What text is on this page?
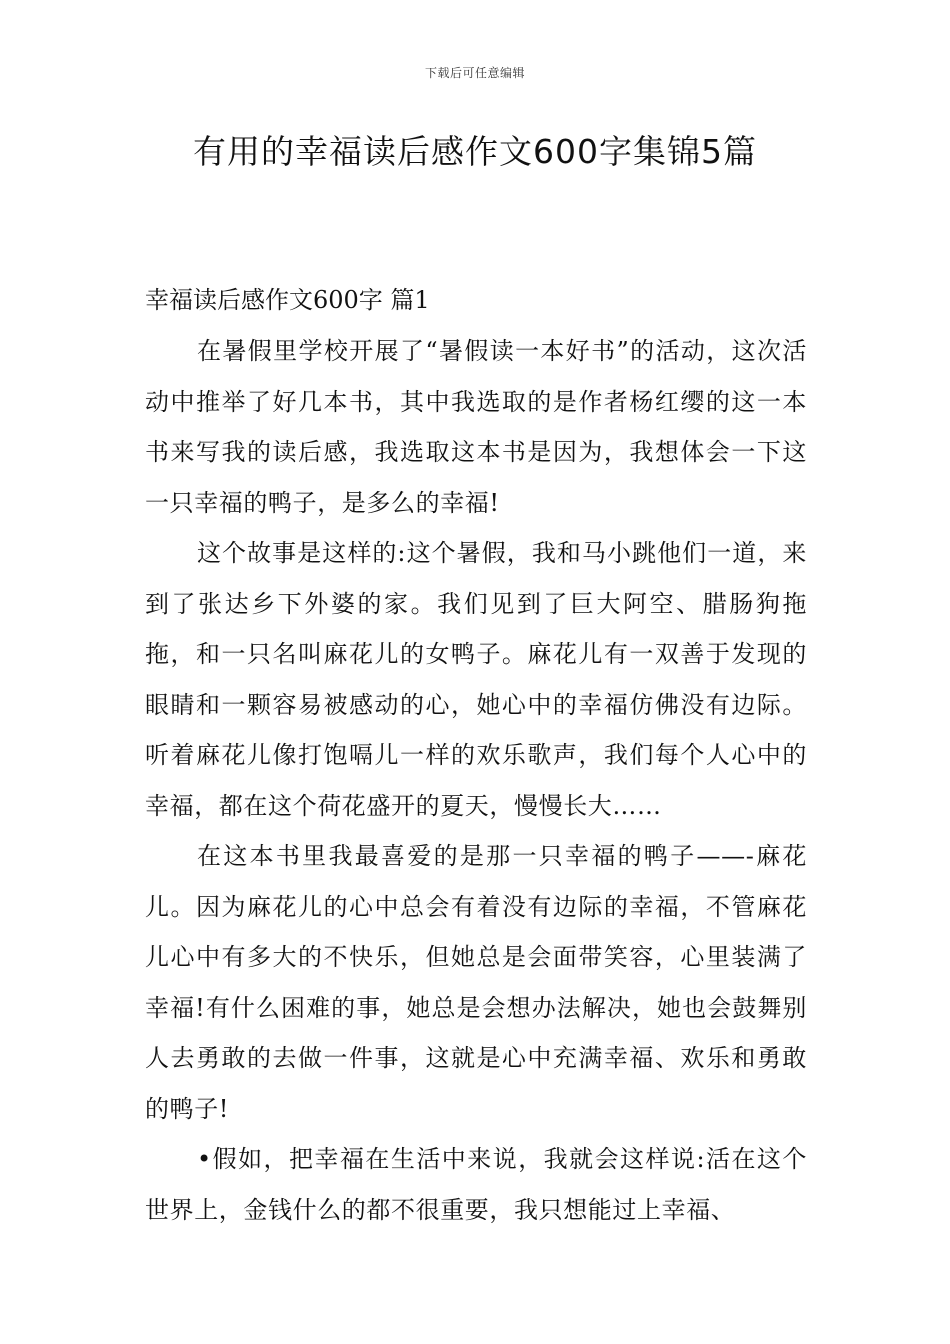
下载后可任意编辑
有用的幸福读后感作文600字集锦5篇

幸福读后感作文600字 篇1

在暑假里学校开展了“暑假读一本好书”的活动，这次活动中推举了好几本书，其中我选取的是作者杨红缨的这一本书来写我的读后感，我选取这本书是因为，我想体会一下这一只幸福的鸭子，是多么的幸福!

这个故事是这样的:这个暑假，我和马小跳他们一道，来到了张达乡下外婆的家。我们见到了巨大阿空、腊肠狗拖拖，和一只名叫麻花儿的女鸭子。麻花儿有一双善于发现的眼睛和一颗容易被感动的心，她心中的幸福仿佛没有边际。听着麻花儿像打饱嗝儿一样的欢乐歌声，我们每个人心中的幸福，都在这个荷花盛开的夏天，慢慢长大……

在这本书里我最喜爱的是那一只幸福的鸭子——-麻花儿。因为麻花儿的心中总会有着没有边际的幸福，不管麻花儿心中有多大的不快乐，但她总是会面带笑容，心里装满了幸福!有什么困难的事，她总是会想办法解决，她也会鼓舞别人去勇敢的去做一件事，这就是心中充满幸福、欢乐和勇敢的鸭子!

•假如，把幸福在生活中来说，我就会这样说:活在这个世界上，金钱什么的都不很重要，我只想能过上幸福、
